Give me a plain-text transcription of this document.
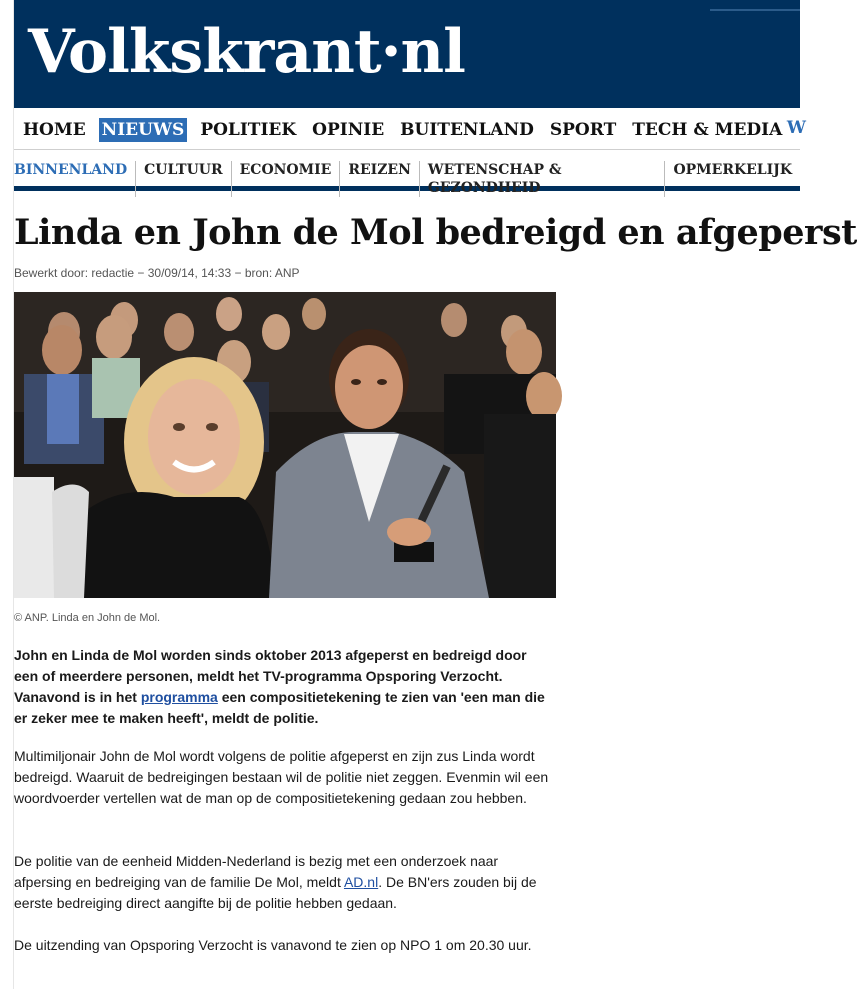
Volkskrant·nl
HOME NIEUWS POLITIEK OPINIE BUITENLAND SPORT TECH & MEDIA W
BINNENLAND	CULTUUR	ECONOMIE	REIZEN	WETENSCHAP & GEZONDHEID
OPMERKELIJK
Linda en John de Mol bedreigd en afgeperst
Bewerkt door: redactie − 30/09/14, 14:33 − bron: ANP
© ANP. Linda en John de Mol.

John en Linda de Mol worden sinds oktober 2013 afgeperst en bedreigd door een of meerdere personen, meldt het TV-programma Opsporing Verzocht. Vanavond is in het programma een compositietekening te zien van 'een man die er zeker mee te maken heeft', meldt de politie.

Multimiljonair John de Mol wordt volgens de politie afgeperst en zijn zus Linda wordt bedreigd. Waaruit de bedreigingen bestaan wil de politie niet zeggen. Evenmin wil een woordvoerder vertellen wat de man op de compositietekening gedaan zou hebben.

De politie van de eenheid Midden-Nederland is bezig met een onderzoek naar afpersing en bedreiging van de familie De Mol, meldt AD.nl. De BN'ers zouden bij de eerste bedreiging direct aangifte bij de politie hebben gedaan.

De uitzending van Opsporing Verzocht is vanavond te zien op NPO 1 om 20.30 uur.
